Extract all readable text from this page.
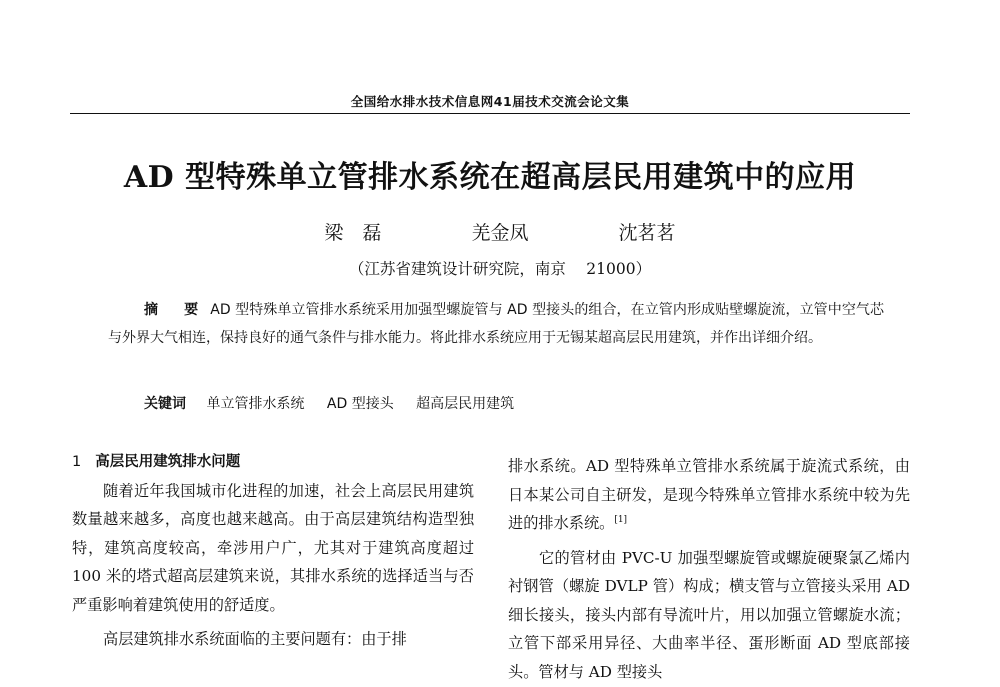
全国给水排水技术信息网41届技术交流会论文集
AD 型特殊单立管排水系统在超高层民用建筑中的应用
梁　磊	羌金凤	沈茗茗
（江苏省建筑设计研究院，南京　 21000）
摘　要 AD 型特殊单立管排水系统采用加强型螺旋管与 AD 型接头的组合，在立管内形成贴壁螺旋流，立管中空气芯与外界大气相连，保持良好的通气条件与排水能力。将此排水系统应用于无锡某超高层民用建筑，并作出详细介绍。
关键词 单立管排水系统 AD 型接头 超高层民用建筑
1 高层民用建筑排水问题

随着近年我国城市化进程的加速，社会上高层民用建筑数量越来越多，高度也越来越高。由于高层建筑结构造型独特，建筑高度较高，牵涉用户广，尤其对于建筑高度超过 100 米的塔式超高层建筑来说，其排水系统的选择适当与否严重影响着建筑使用的舒适度。

高层建筑排水系统面临的主要问题有：由于排

排水系统。AD 型特殊单立管排水系统属于旋流式系统，由日本某公司自主研发，是现今特殊单立管排水系统中较为先进的排水系统。[1]

它的管材由 PVC-U 加强型螺旋管或螺旋硬聚氯乙烯内衬钢管（螺旋 DVLP 管）构成；横支管与立管接头采用 AD 细长接头，接头内部有导流叶片，用以加强立管螺旋水流；立管下部采用异径、大曲率半径、蛋形断面 AD 型底部接头。管材与 AD 型接头
